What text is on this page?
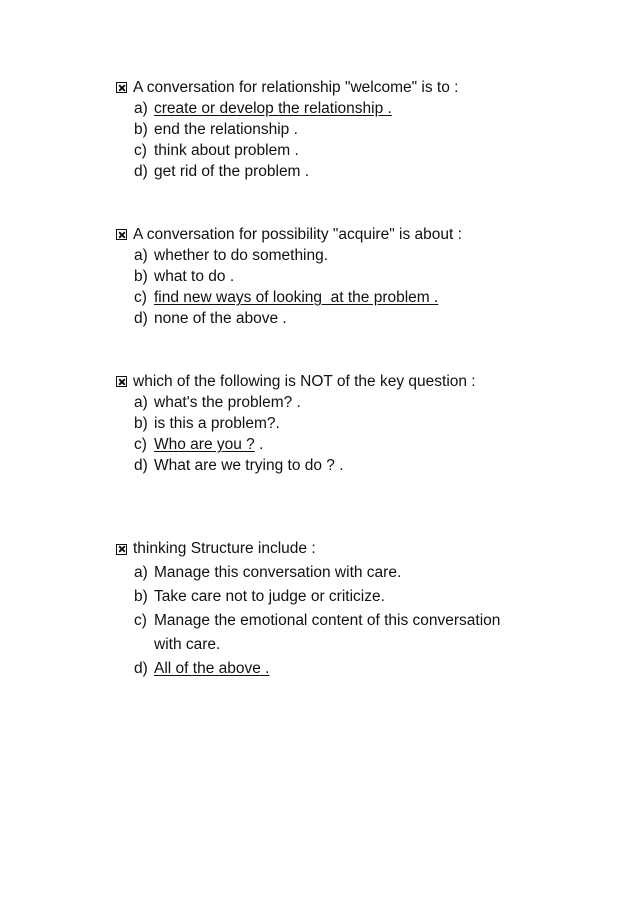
A conversation for relationship "welcome" is to :
a) create or develop the relationship .
b) end the relationship .
c) think about problem .
d) get rid of the problem .
A conversation for possibility "acquire" is about :
a) whether to do something.
b) what to do .
c) find new ways of looking  at the problem .
d) none of the above .
which of the following is NOT of the key question :
a) what's the problem? .
b) is this a problem?.
c) Who are you ? .
d) What are we trying to do ? .
thinking Structure include :
a) Manage this conversation with care.
b) Take care not to judge or criticize.
c) Manage the emotional content of this conversation
with care.
d) All of the above .
